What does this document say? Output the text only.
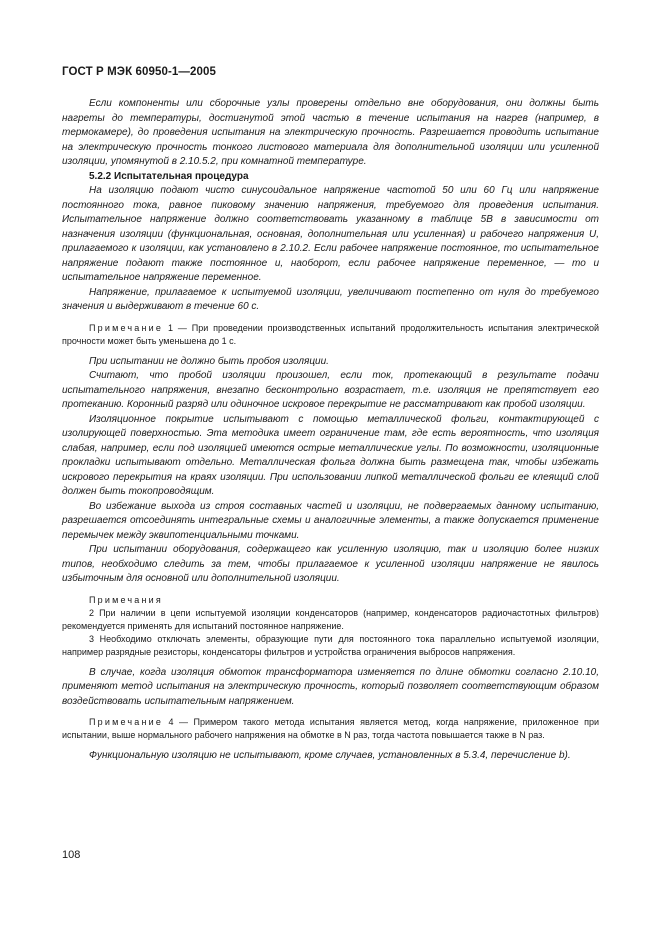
ГОСТ Р МЭК 60950-1—2005

Если компоненты или сборочные узлы проверены отдельно вне оборудования, они должны быть нагреты до температуры, достигнутой этой частью в течение испытания на нагрев (например, в термокамере), до проведения испытания на электрическую прочность. Разрешается проводить испытание на электрическую прочность тонкого листового материала для дополнительной изоляции или усиленной изоляции, упомянутой в 2.10.5.2, при комнатной температуре.

5.2.2 Испытательная процедура

На изоляцию подают чисто синусоидальное напряжение частотой 50 или 60 Гц или напряжение постоянного тока, равное пиковому значению напряжения, требуемого для проведения испытания. Испытательное напряжение должно соответствовать указанному в таблице 5В в зависимости от назначения изоляции (функциональная, основная, дополнительная или усиленная) и рабочего напряжения U, прилагаемого к изоляции, как установлено в 2.10.2. Если рабочее напряжение постоянное, то испытательное напряжение подают также постоянное и, наоборот, если рабочее напряжение переменное, — то и испытательное напряжение переменное.

Напряжение, прилагаемое к испытуемой изоляции, увеличивают постепенно от нуля до требуемого значения и выдерживают в течение 60 с.

Примечание 1 — При проведении производственных испытаний продолжительность испытания электрической прочности может быть уменьшена до 1 с.

При испытании не должно быть пробоя изоляции.

Считают, что пробой изоляции произошел, если ток, протекающий в результате подачи испытательного напряжения, внезапно бесконтрольно возрастает, т.е. изоляция не препятствует его протеканию. Коронный разряд или одиночное искровое перекрытие не рассматривают как пробой изоляции.

Изоляционное покрытие испытывают с помощью металлической фольги, контактирующей с изолирующей поверхностью. Эта методика имеет ограничение там, где есть вероятность, что изоляция слабая, например, если под изоляцией имеются острые металлические углы. По возможности, изоляционные прокладки испытывают отдельно. Металлическая фольга должна быть размещена так, чтобы избежать искрового перекрытия на краях изоляции. При использовании липкой металлической фольги ее клеящий слой должен быть токопроводящим.

Во избежание выхода из строя составных частей и изоляции, не подвергаемых данному испытанию, разрешается отсоединять интегральные схемы и аналогичные элементы, а также допускается применение перемычек между эквипотенциальными точками.

При испытании оборудования, содержащего как усиленную изоляцию, так и изоляцию более низких типов, необходимо следить за тем, чтобы прилагаемое к усиленной изоляции напряжение не явилось избыточным для основной или дополнительной изоляции.

Примечания

2 При наличии в цепи испытуемой изоляции конденсаторов (например, конденсаторов радиочастотных фильтров) рекомендуется применять для испытаний постоянное напряжение.

3 Необходимо отключать элементы, образующие пути для постоянного тока параллельно испытуемой изоляции, например разрядные резисторы, конденсаторы фильтров и устройства ограничения выбросов напряжения.

В случае, когда изоляция обмоток трансформатора изменяется по длине обмотки согласно 2.10.10, применяют метод испытания на электрическую прочность, который позволяет соответствующим образом воздействовать испытательным напряжением.

Примечание 4 — Примером такого метода испытания является метод, когда напряжение, приложенное при испытании, выше нормального рабочего напряжения на обмотке в N раз, тогда частота повышается также в N раз.

Функциональную изоляцию не испытывают, кроме случаев, установленных в 5.3.4, перечисление b).

108
